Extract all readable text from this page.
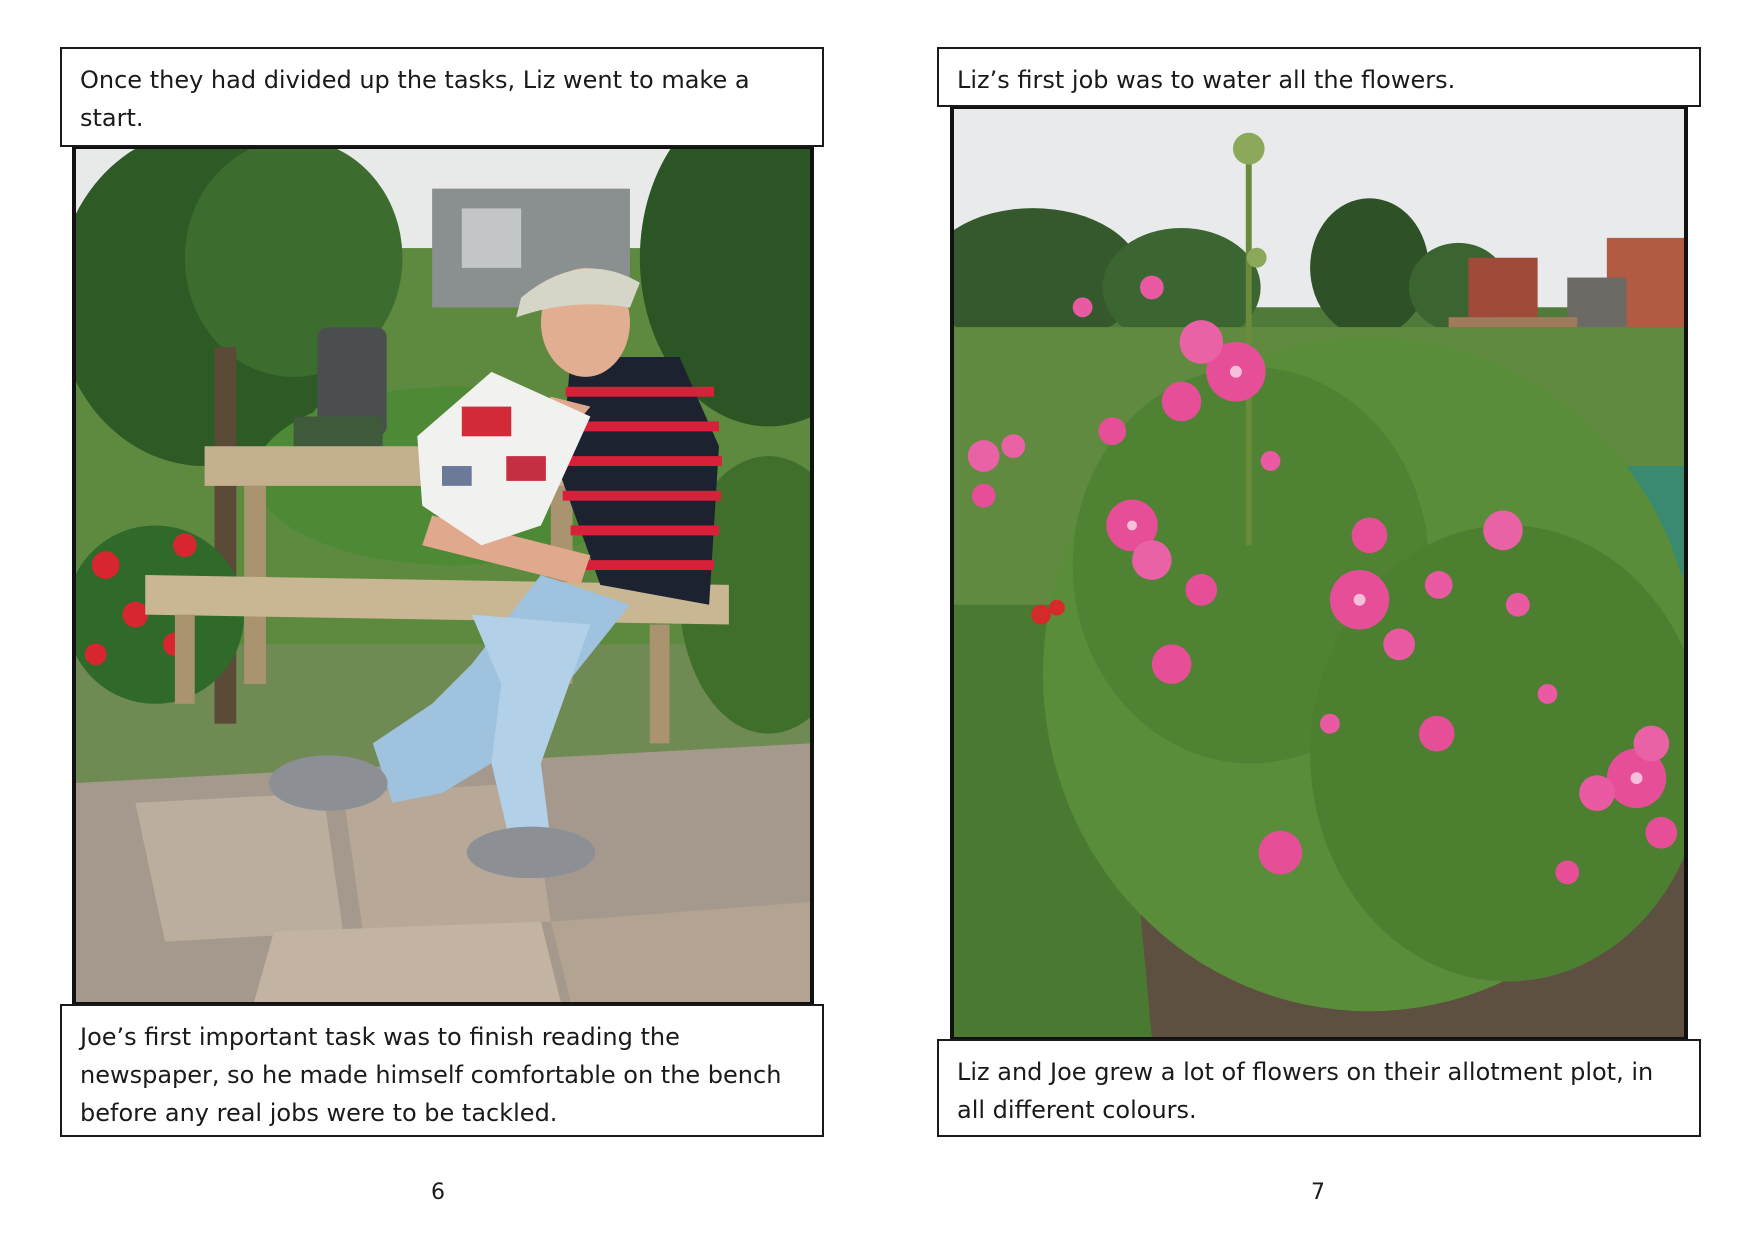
Once they had divided up the tasks, Liz went to make a start.
Joe’s first important task was to finish reading the newspaper, so he made himself comfortable on the bench before any real jobs were to be tackled.
6
Liz’s first job was to water all the flowers.
Liz and Joe grew a lot of flowers on their allotment plot, in all different colours.
7
